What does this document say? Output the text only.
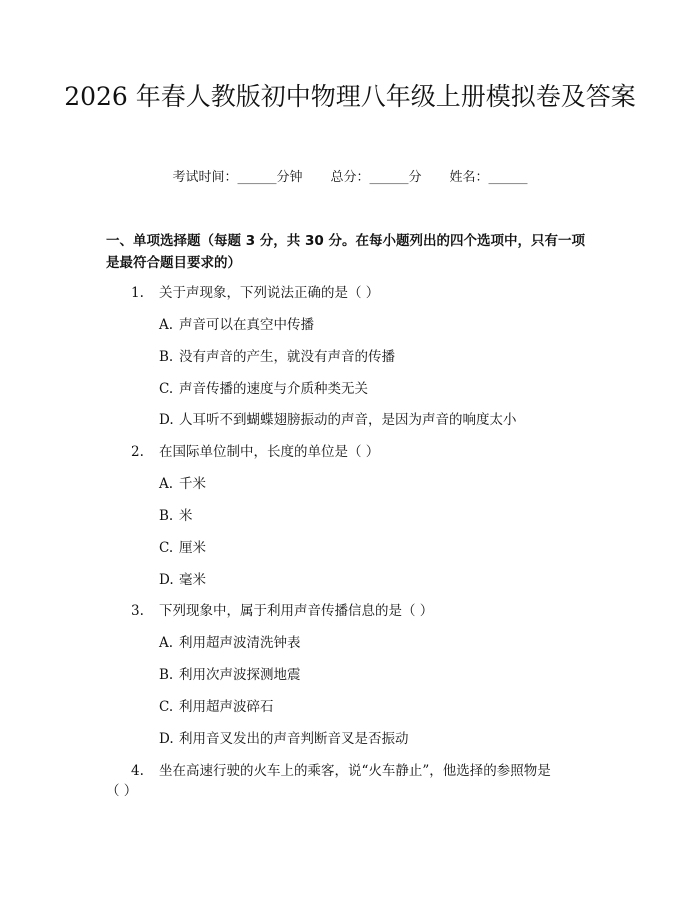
2026 年春人教版初中物理八年级上册模拟卷及答案
考试时间：______分钟 总分：______分 姓名：______
一、单项选择题（每题 3 分，共 30 分。在每小题列出的四个选项中，只有一项是最符合题目要求的）
1. 关于声现象，下列说法正确的是（ ）
A. 声音可以在真空中传播
B. 没有声音的产生，就没有声音的传播
C. 声音传播的速度与介质种类无关
D. 人耳听不到蝴蝶翅膀振动的声音，是因为声音的响度太小
2. 在国际单位制中，长度的单位是（ ）
A. 千米
B. 米
C. 厘米
D. 毫米
3. 下列现象中，属于利用声音传播信息的是（ ）
A. 利用超声波清洗钟表
B. 利用次声波探测地震
C. 利用超声波碎石
D. 利用音叉发出的声音判断音叉是否振动
4. 坐在高速行驶的火车上的乘客，说“火车静止”，他选择的参照物是
（ ）
